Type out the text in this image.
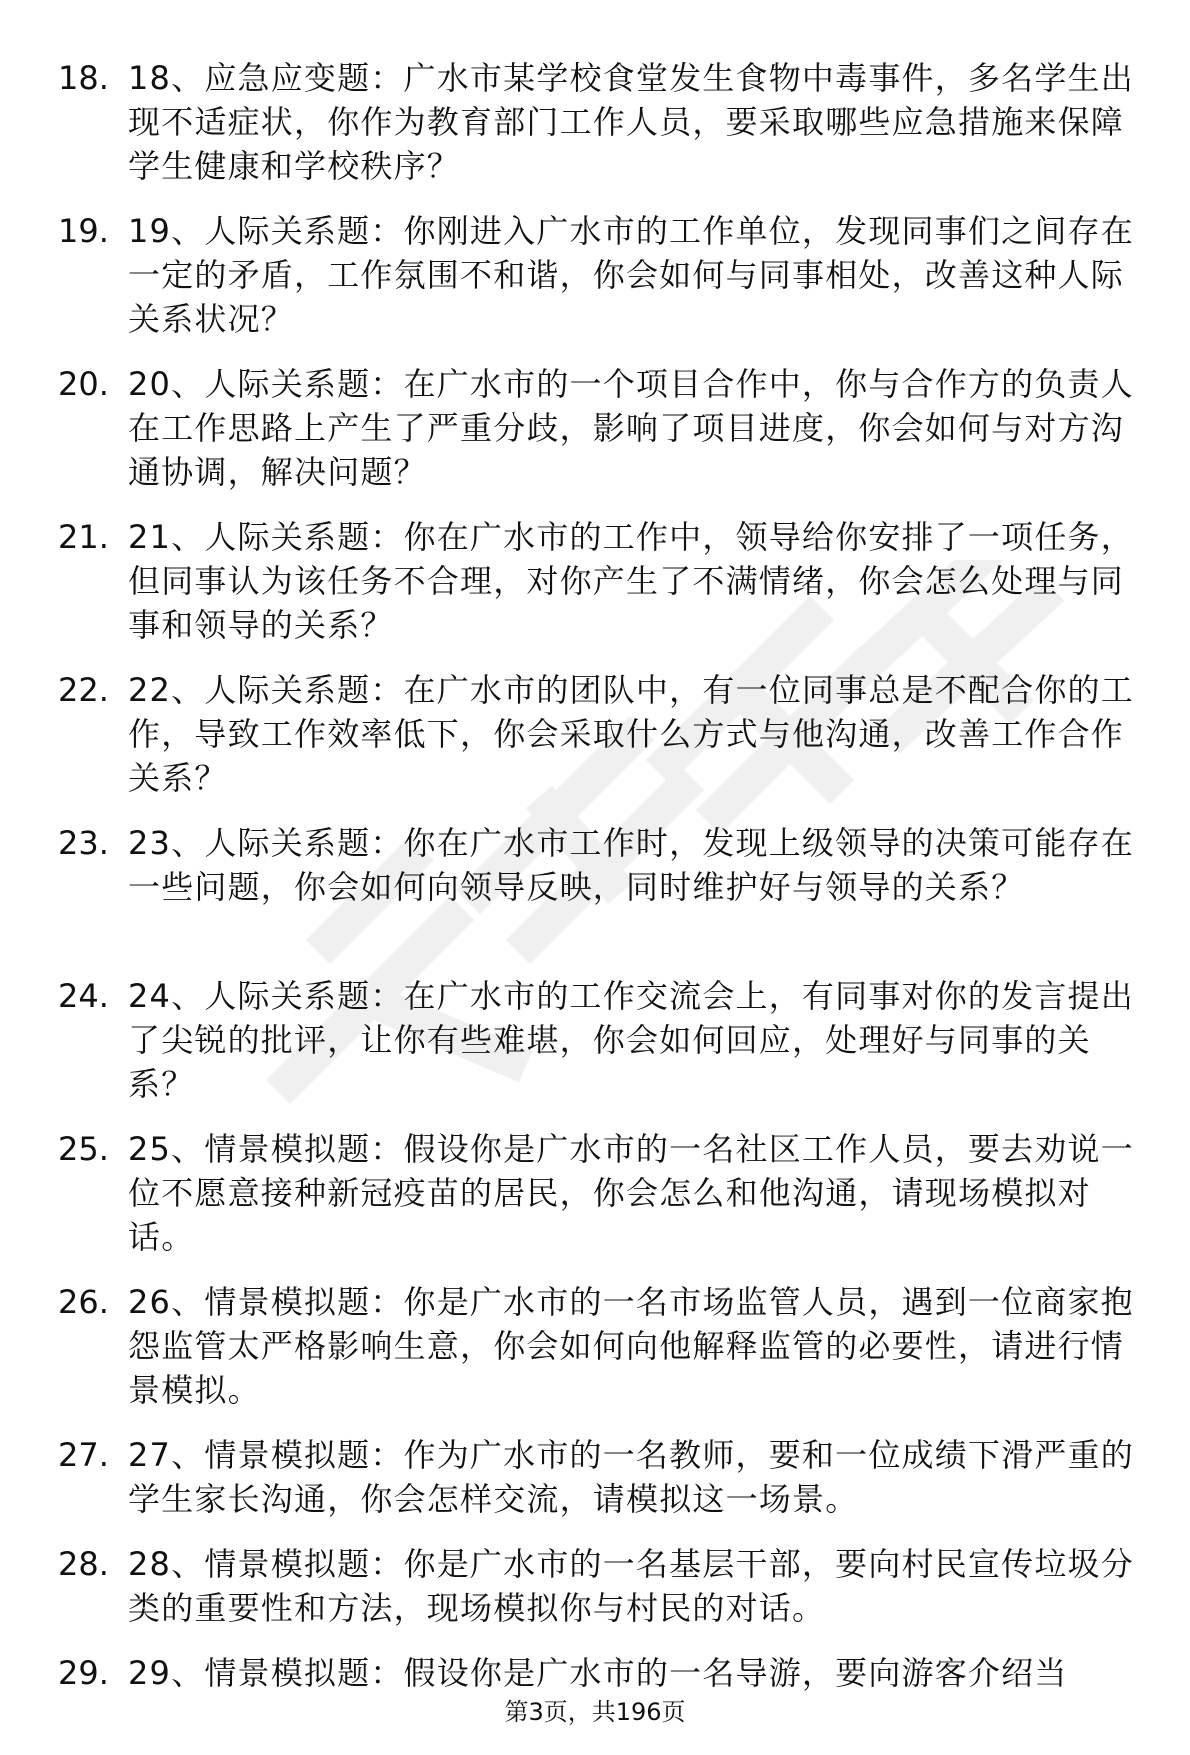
18. 18、应急应变题：广水市某学校食堂发生食物中毒事件，多名学生出现不适症状，你作为教育部门工作人员，要采取哪些应急措施来保障学生健康和学校秩序？

19. 19、人际关系题：你刚进入广水市的工作单位，发现同事们之间存在一定的矛盾，工作氛围不和谐，你会如何与同事相处，改善这种人际关系状况？

20. 20、人际关系题：在广水市的一个项目合作中，你与合作方的负责人在工作思路上产生了严重分歧，影响了项目进度，你会如何与对方沟通协调，解决问题？

21. 21、人际关系题：你在广水市的工作中，领导给你安排了一项任务，但同事认为该任务不合理，对你产生了不满情绪，你会怎么处理与同事和领导的关系？

22. 22、人际关系题：在广水市的团队中，有一位同事总是不配合你的工作，导致工作效率低下，你会采取什么方式与他沟通，改善工作合作关系？

23. 23、人际关系题：你在广水市工作时，发现上级领导的决策可能存在一些问题，你会如何向领导反映，同时维护好与领导的关系？

24. 24、人际关系题：在广水市的工作交流会上，有同事对你的发言提出了尖锐的批评，让你有些难堪，你会如何回应，处理好与同事的关系？

25. 25、情景模拟题：假设你是广水市的一名社区工作人员，要去劝说一位不愿意接种新冠疫苗的居民，你会怎么和他沟通，请现场模拟对话。

26. 26、情景模拟题：你是广水市的一名市场监管人员，遇到一位商家抱怨监管太严格影响生意，你会如何向他解释监管的必要性，请进行情景模拟。

27. 27、情景模拟题：作为广水市的一名教师，要和一位成绩下滑严重的学生家长沟通，你会怎样交流，请模拟这一场景。

28. 28、情景模拟题：你是广水市的一名基层干部，要向村民宣传垃圾分类的重要性和方法，现场模拟你与村民的对话。

29. 29、情景模拟题：假设你是广水市的一名导游，要向游客介绍当

第3页，共196页
